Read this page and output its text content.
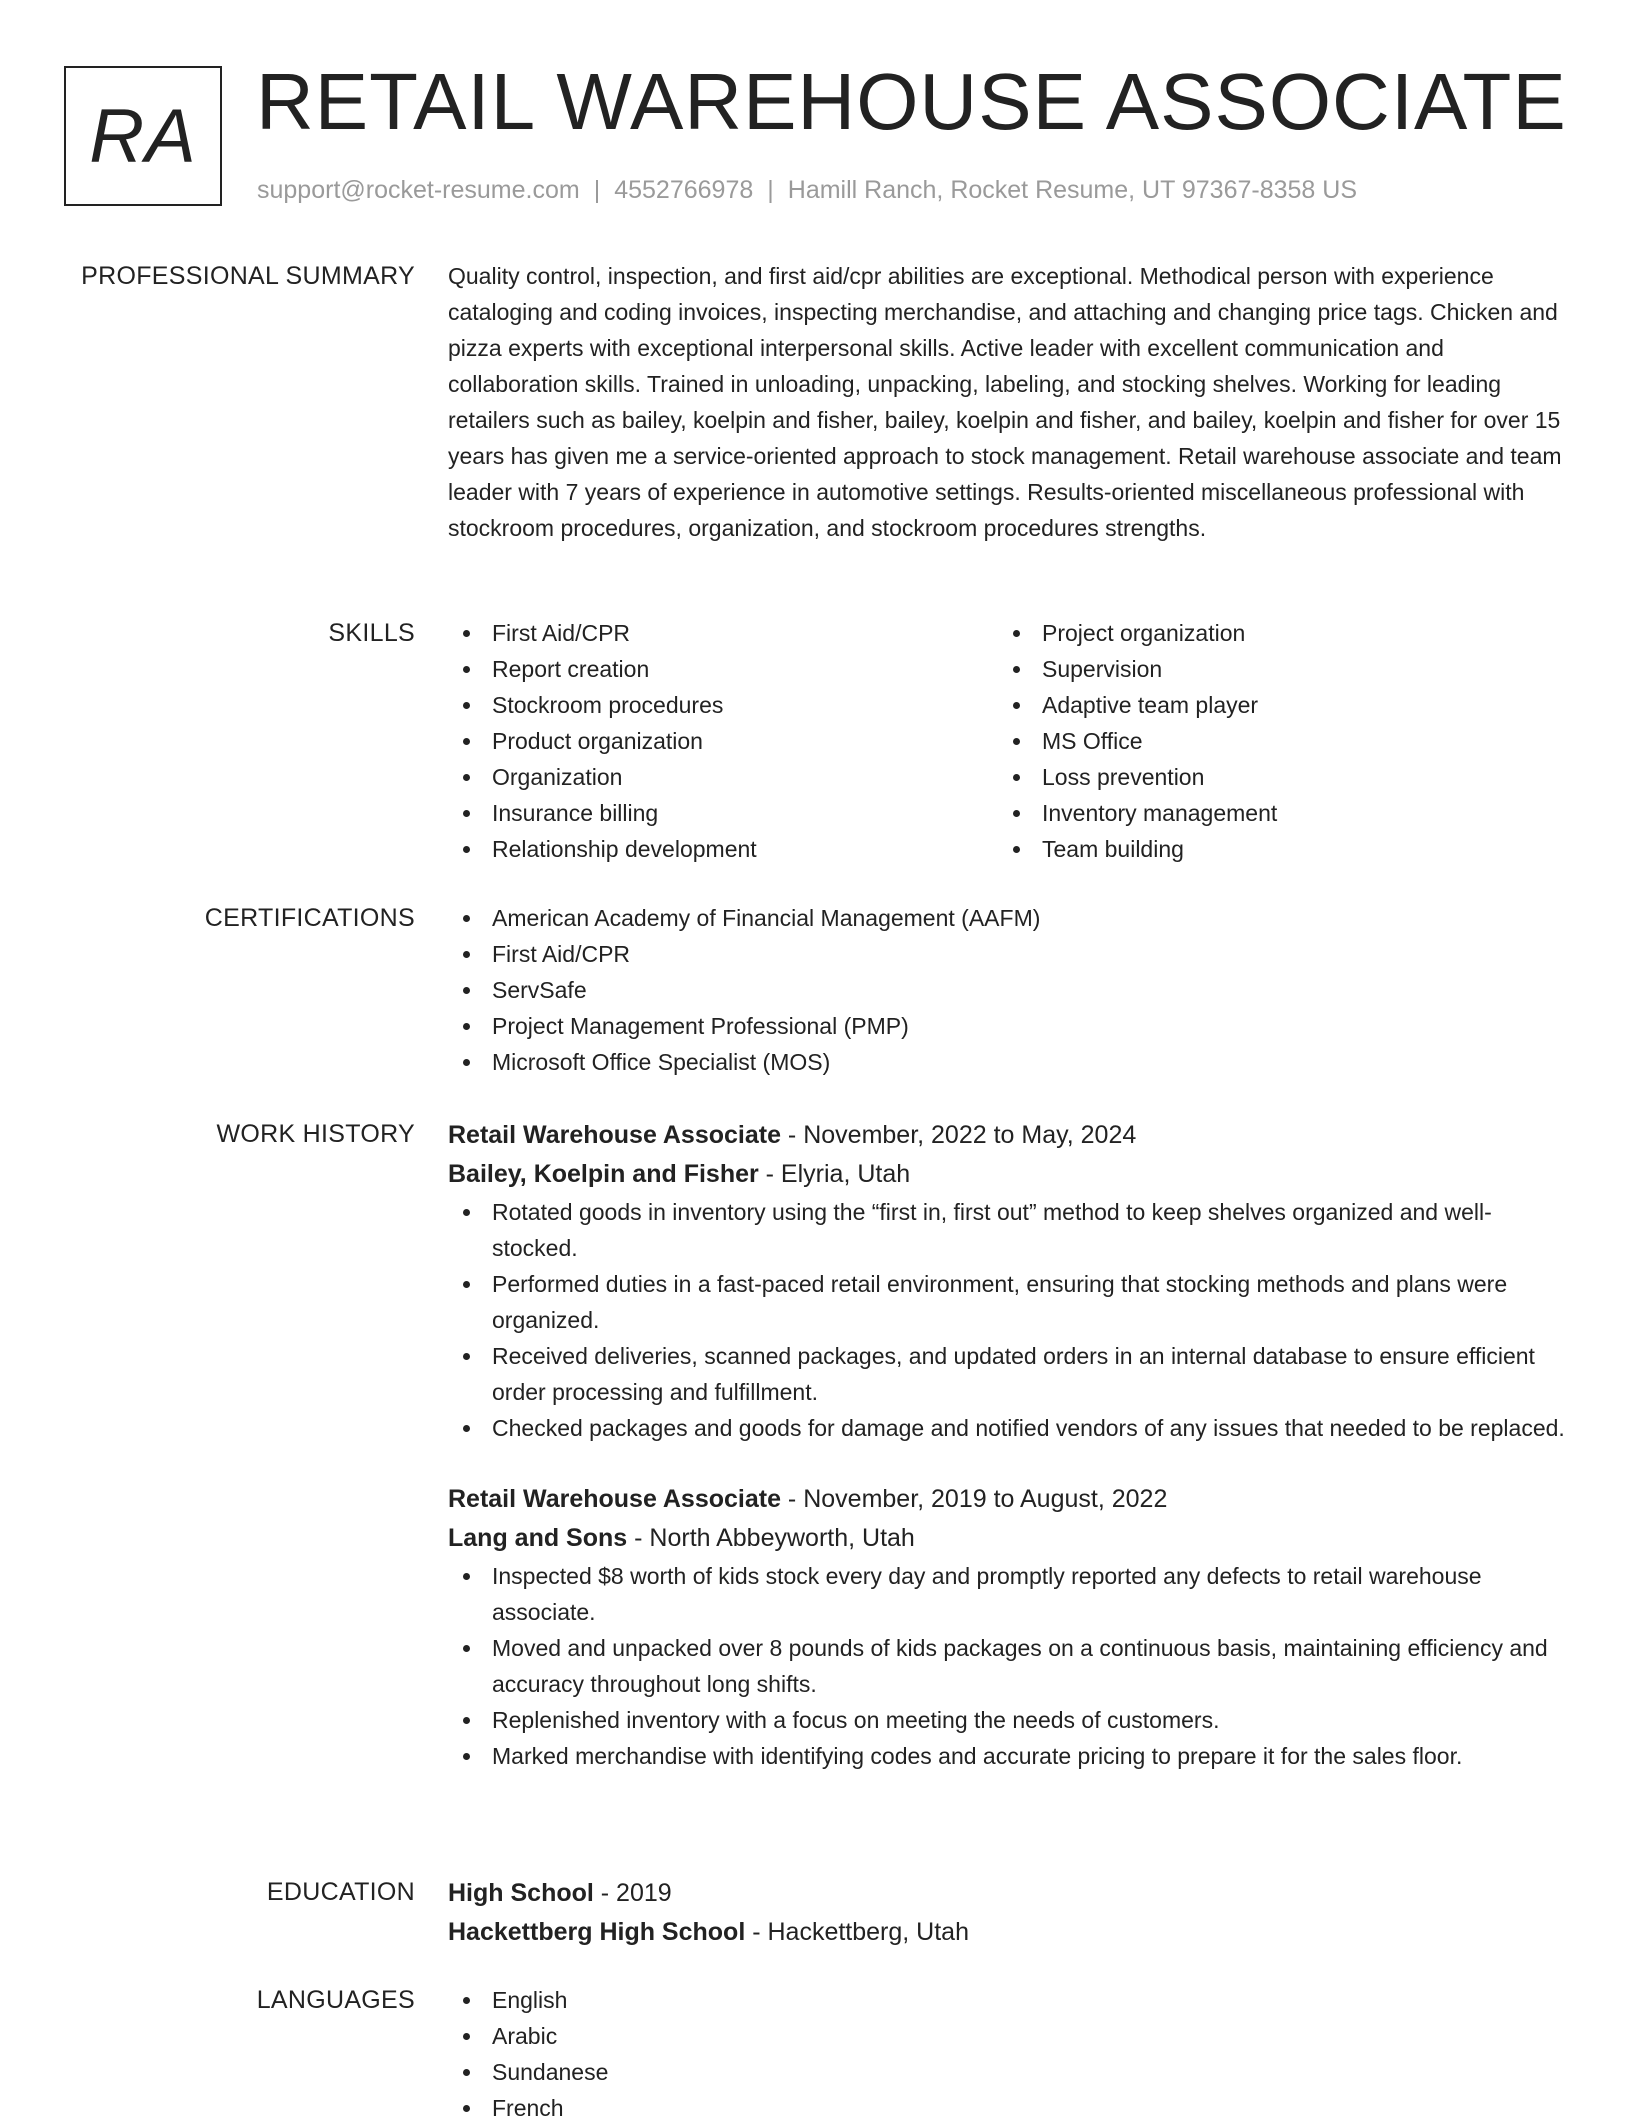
RA RETAIL WAREHOUSE ASSOCIATE
support@rocket-resume.com | 4552766978 | Hamill Ranch, Rocket Resume, UT 97367-8358 US
PROFESSIONAL SUMMARY Quality control, inspection, and first aid/cpr abilities are exceptional. Methodical person with experience cataloging and coding invoices, inspecting merchandise, and attaching and changing price tags. Chicken and pizza experts with exceptional interpersonal skills. Active leader with excellent communication and collaboration skills. Trained in unloading, unpacking, labeling, and stocking shelves. Working for leading retailers such as bailey, koelpin and fisher, bailey, koelpin and fisher, and bailey, koelpin and fisher for over 15 years has given me a service-oriented approach to stock management. Retail warehouse associate and team leader with 7 years of experience in automotive settings. Results-oriented miscellaneous professional with stockroom procedures, organization, and stockroom procedures strengths.

SKILLS	First Aid/CPR
Report creation
Stockroom procedures
Product organization
Organization
Insurance billing
Relationship development
Project organization
Supervision
Adaptive team player
MS Office
Loss prevention
Inventory management
Team building
CERTIFICATIONS	American Academy of Financial Management (AAFM)
First Aid/CPR
ServSafe
Project Management Professional (PMP)
Microsoft Office Specialist (MOS)
WORK HISTORY Retail Warehouse Associate - November, 2022 to May, 2024
Bailey, Koelpin and Fisher - Elyria, Utah
Rotated goods in inventory using the “first in, first out” method to keep shelves organized and well-stocked.
Performed duties in a fast-paced retail environment, ensuring that stocking methods and plans were organized.
Received deliveries, scanned packages, and updated orders in an internal database to ensure efficient order processing and fulfillment.
Checked packages and goods for damage and notified vendors of any issues that needed to be replaced.
Retail Warehouse Associate - November, 2019 to August, 2022
Lang and Sons - North Abbeyworth, Utah
Inspected $8 worth of kids stock every day and promptly reported any defects to retail warehouse associate.
Moved and unpacked over 8 pounds of kids packages on a continuous basis, maintaining efficiency and accuracy throughout long shifts.
Replenished inventory with a focus on meeting the needs of customers.
Marked merchandise with identifying codes and accurate pricing to prepare it for the sales floor.
EDUCATION High School - 2019
Hackettberg High School - Hackettberg, Utah
LANGUAGES	English
Arabic
Sundanese
French
